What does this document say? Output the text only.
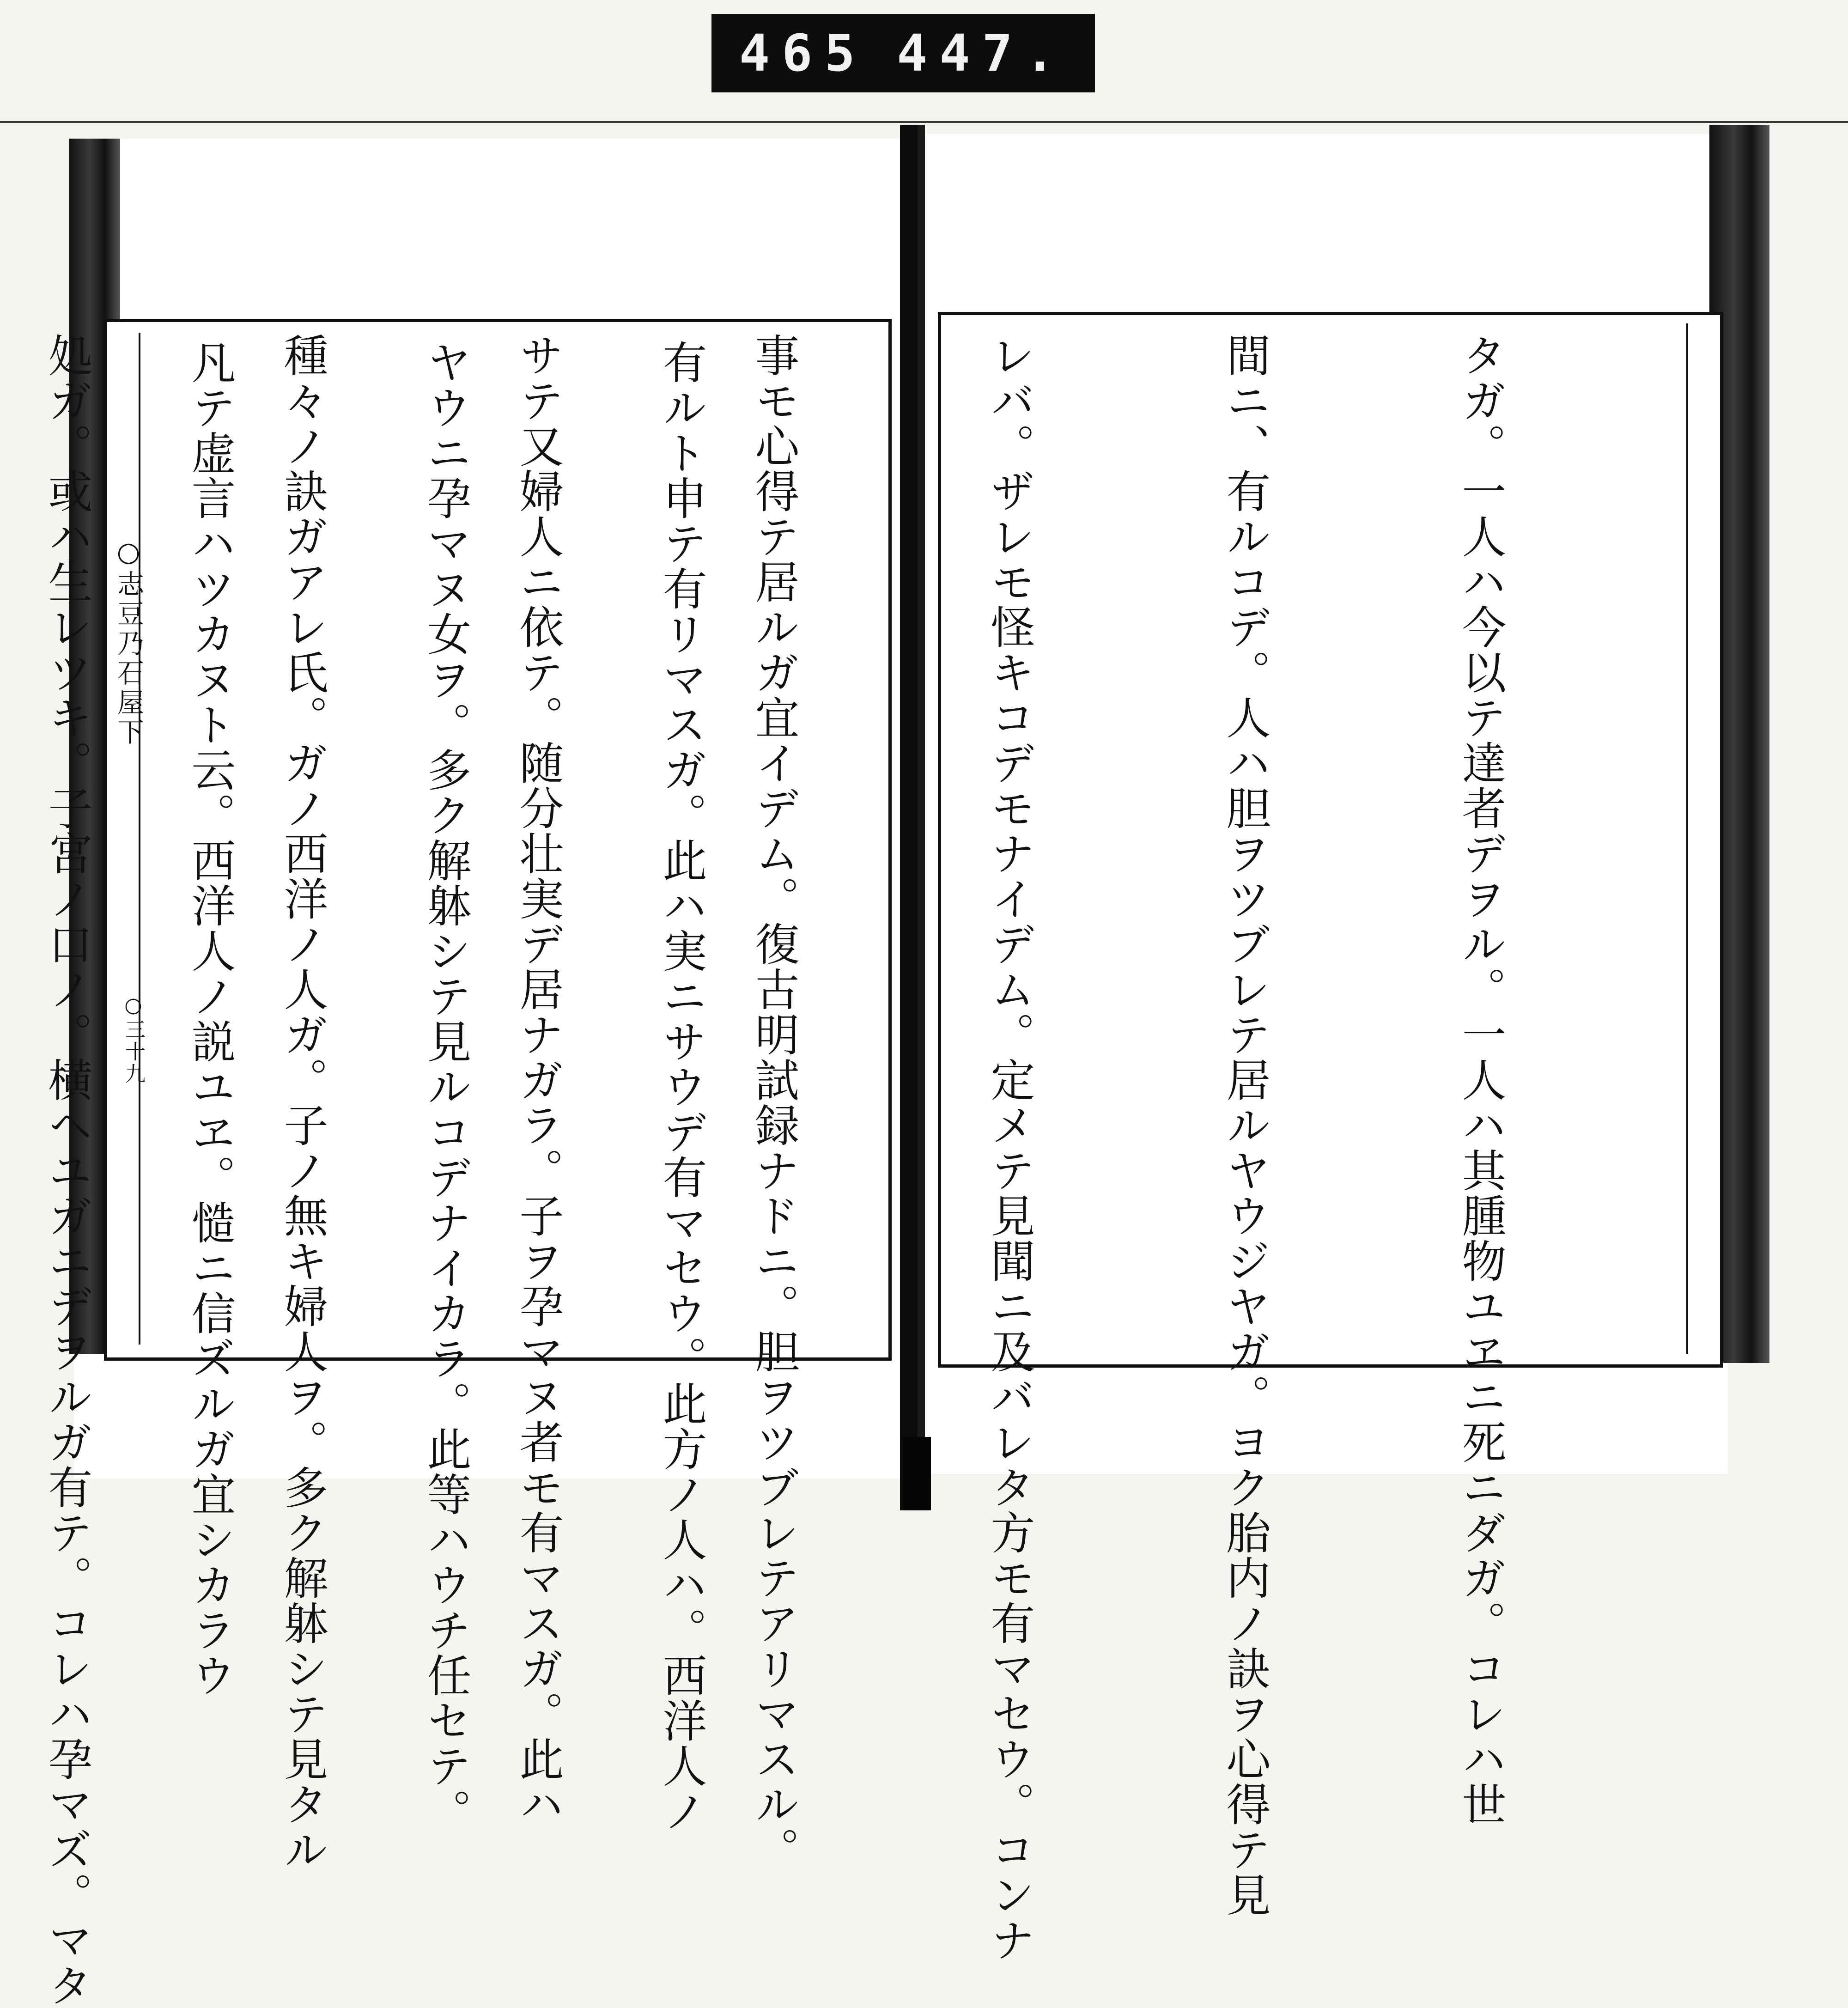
465 447.

タガ。一人ハ今以テ達者デヲル。一人ハ其腫物ユヱニ死ニダガ。コレハ世

間ニ、有ルコデ。人ハ胆ヲツブレテ居ルヤウジヤガ。ヨク胎内ノ訣ヲ心得テ見

レバ。ザレモ怪キコデモナイデム。定メテ見聞ニ及バレタ方モ有マセウ。コンナ

事モ心得テ居ルガ宜イデム。復古明試録ナドニ。胆ヲツブレテアリマスル。

サテ又婦人ニ依テ。随分壮実デ居ナガラ。子ヲ孕マヌ者モ有マスガ。此ハ

種々ノ訣ガアレ氏。ガノ西洋ノ人ガ。子ノ無キ婦人ヲ。多ク解躰シテ見タル

処ガ。或ハ生レツキ。子宮ノ口ノ。横ヘユガニデヲルガ有テ。コレハ孕マズ。マタ

	有ルト申テ有リマスガ。此ハ実ニサウデ有マセウ。此方ノ人ハ。西洋人ノ

ヤウニ孕マヌ女ヲ。多ク解躰シテ見ルコデナイカラ。此等ハウチ任セテ。

凡テ虚言ハツカヌト云。西洋人ノ説ユヱ。慥ニ信ズルガ宜シカラウ

○志豆乃石屋下
○三十九
